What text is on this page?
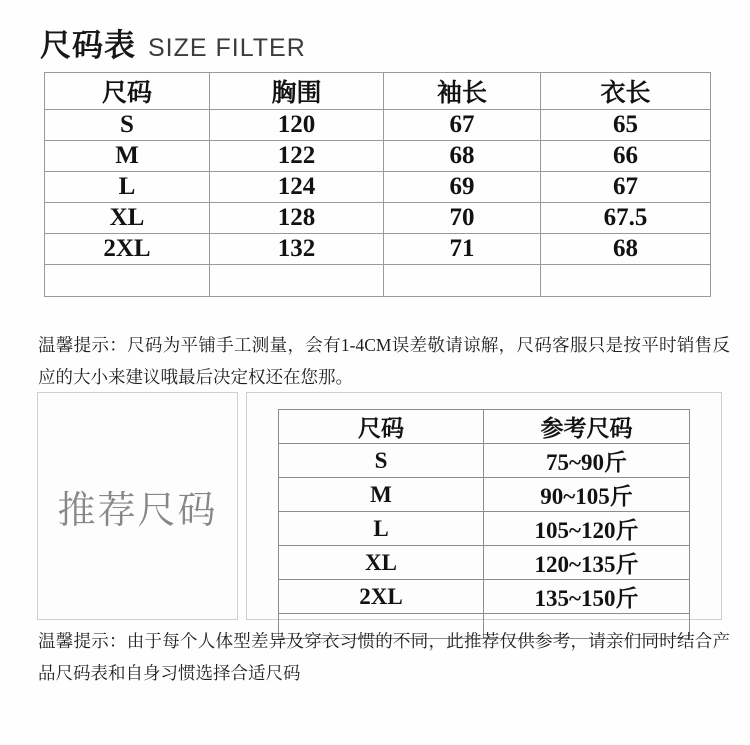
尺码表 SIZE FILTER
尺码	胸围	袖长	衣长
S	120	67	65
M	122	68	66
L	124	69	67
XL	128	70	67.5
2XL	132	71	68

温馨提示：尺码为平铺手工测量，会有1-4CM误差敬请谅解，尺码客服只是按平时销售反应的大小来建议哦最后决定权还在您那。
推荐尺码
尺码	参考尺码
S	75~90斤
M	90~105斤
L	105~120斤
XL	120~135斤
2XL	135~150斤

温馨提示：由于每个人体型差异及穿衣习惯的不同，此推荐仅供参考，请亲们同时结合产品尺码表和自身习惯选择合适尺码
